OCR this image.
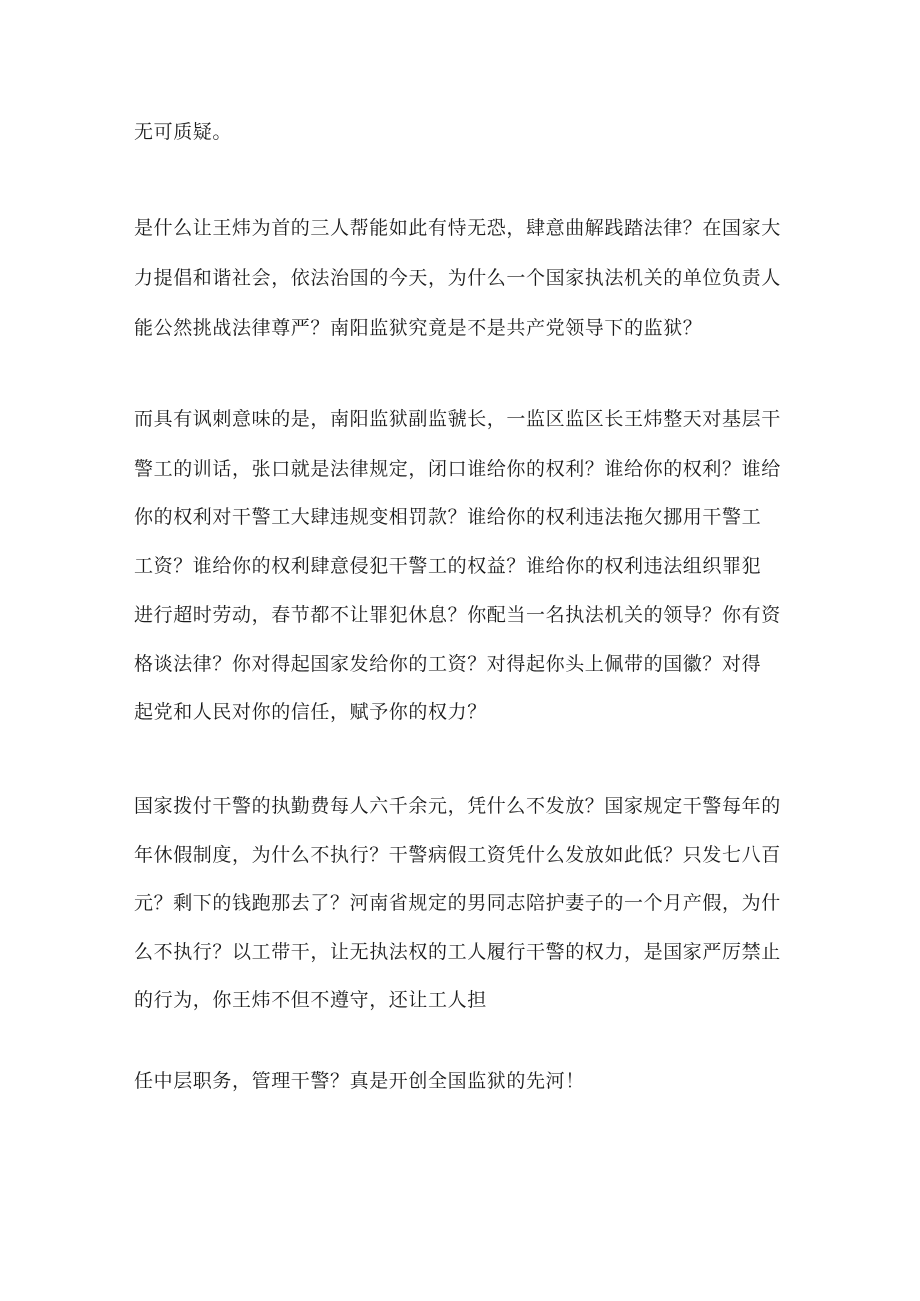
无可质疑。
是什么让王炜为首的三人帮能如此有恃无恐，肆意曲解践踏法律？在国家大
力提倡和谐社会，依法治国的今天，为什么一个国家执法机关的单位负责人
能公然挑战法律尊严？南阳监狱究竟是不是共产党领导下的监狱？
而具有讽刺意味的是，南阳监狱副监虢长，一监区监区长王炜整天对基层干
警工的训话，张口就是法律规定，闭口谁给你的权利？谁给你的权利？谁给
你的权利对干警工大肆违规变相罚款？谁给你的权利违法拖欠挪用干警工
工资？谁给你的权利肆意侵犯干警工的权益？谁给你的权利违法组织罪犯
进行超时劳动，春节都不让罪犯休息？你配当一名执法机关的领导？你有资
格谈法律？你对得起国家发给你的工资？对得起你头上佩带的国徽？对得
起党和人民对你的信任，赋予你的权力？
国家拨付干警的执勤费每人六千余元，凭什么不发放？国家规定干警每年的
年休假制度，为什么不执行？干警病假工资凭什么发放如此低？只发七八百
元？剩下的钱跑那去了？河南省规定的男同志陪护妻子的一个月产假，为什
么不执行？以工带干，让无执法权的工人履行干警的权力，是国家严厉禁止
的行为，你王炜不但不遵守，还让工人担
任中层职务，管理干警？真是开创全国监狱的先河！
